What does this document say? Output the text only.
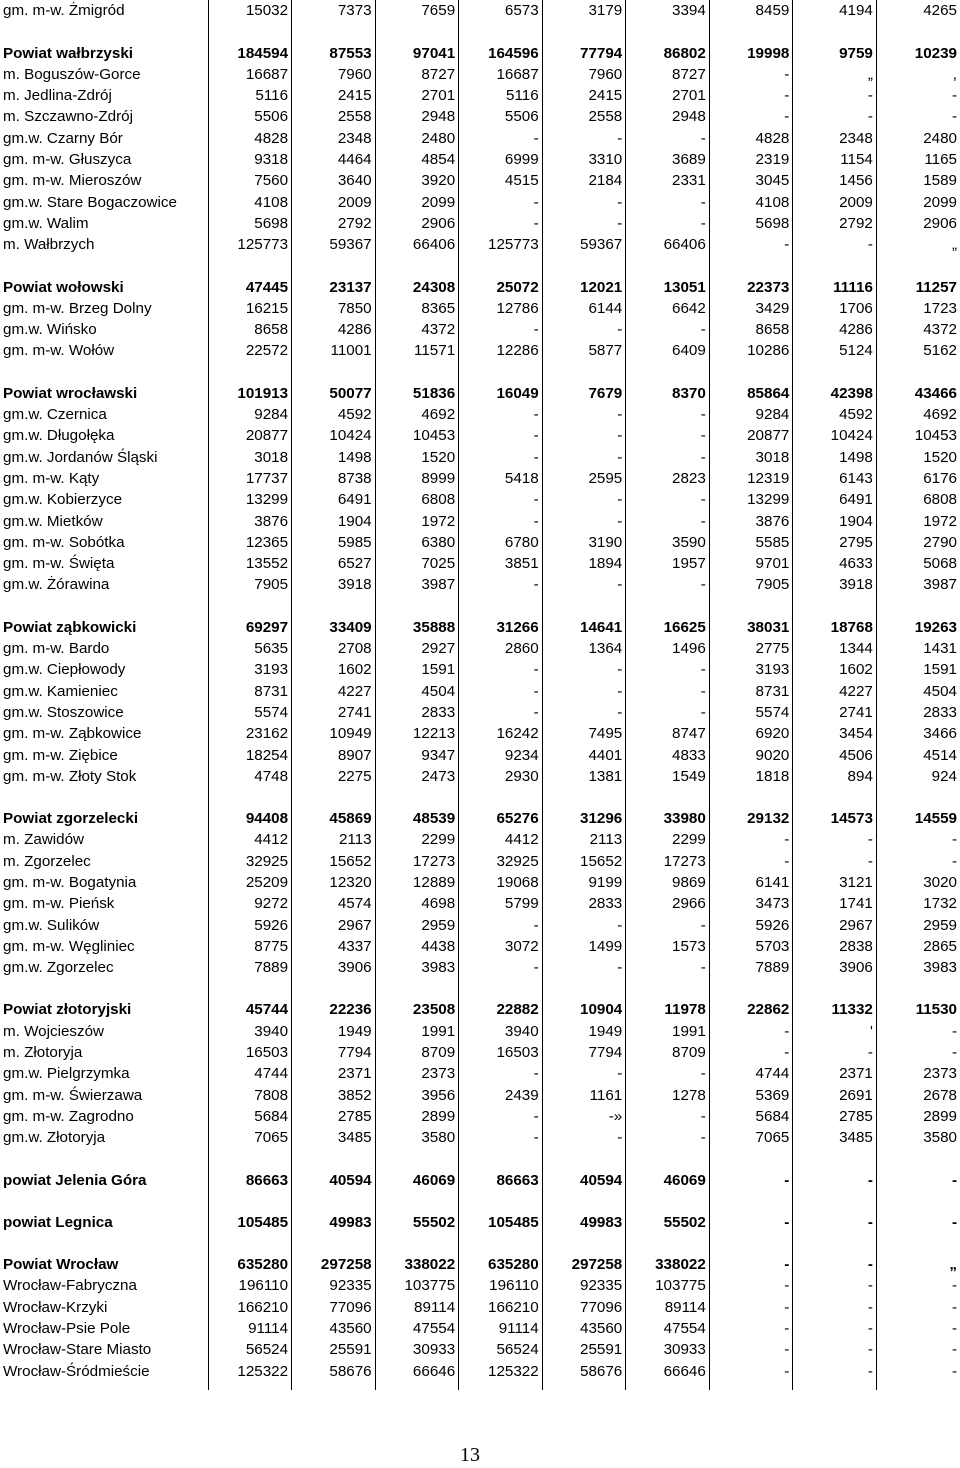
gm. m-w. Żmigród	15032	7373	7659	6573	3179	3394	8459	4194	4265

Powiat wałbrzyski	184594	87553	97041	164596	77794	86802	19998	9759	10239
m. Boguszów-Gorce	16687	7960	8727	16687	7960	8727	-	„	,
m. Jedlina-Zdrój	5116	2415	2701	5116	2415	2701	-	-	-
m. Szczawno-Zdrój	5506	2558	2948	5506	2558	2948	-	-	-
gm.w. Czarny Bór	4828	2348	2480	-	-	-	4828	2348	2480
gm. m-w. Głuszyca	9318	4464	4854	6999	3310	3689	2319	1154	1165
gm. m-w. Mieroszów	7560	3640	3920	4515	2184	2331	3045	1456	1589
gm.w. Stare Bogaczowice	4108	2009	2099	-	-	-	4108	2009	2099
gm.w. Walim	5698	2792	2906	-	-	-	5698	2792	2906
m. Wałbrzych	125773	59367	66406	125773	59367	66406	-	-	„

Powiat wołowski	47445	23137	24308	25072	12021	13051	22373	11116	11257
gm. m-w. Brzeg Dolny	16215	7850	8365	12786	6144	6642	3429	1706	1723
gm.w. Wińsko	8658	4286	4372	-	-	-	8658	4286	4372
gm. m-w. Wołów	22572	11001	11571	12286	5877	6409	10286	5124	5162

Powiat wrocławski	101913	50077	51836	16049	7679	8370	85864	42398	43466
gm.w. Czernica	9284	4592	4692	-	-	-	9284	4592	4692
gm.w. Długołęka	20877	10424	10453	-	-	-	20877	10424	10453
gm.w. Jordanów Śląski	3018	1498	1520	-	-	-	3018	1498	1520
gm. m-w. Kąty	17737	8738	8999	5418	2595	2823	12319	6143	6176
gm.w. Kobierzyce	13299	6491	6808	-	-	-	13299	6491	6808
gm.w. Mietków	3876	1904	1972	-	-	-	3876	1904	1972
gm. m-w. Sobótka	12365	5985	6380	6780	3190	3590	5585	2795	2790
gm. m-w. Święta	13552	6527	7025	3851	1894	1957	9701	4633	5068
gm.w. Żórawina	7905	3918	3987	-	-	-	7905	3918	3987

Powiat ząbkowicki	69297	33409	35888	31266	14641	16625	38031	18768	19263
gm. m-w. Bardo	5635	2708	2927	2860	1364	1496	2775	1344	1431
gm.w. Ciepłowody	3193	1602	1591	-	-	-	3193	1602	1591
gm.w. Kamieniec	8731	4227	4504	-	-	-	8731	4227	4504
gm.w. Stoszowice	5574	2741	2833	-	-	-	5574	2741	2833
gm. m-w. Ząbkowice	23162	10949	12213	16242	7495	8747	6920	3454	3466
gm. m-w. Ziębice	18254	8907	9347	9234	4401	4833	9020	4506	4514
gm. m-w. Złoty Stok	4748	2275	2473	2930	1381	1549	1818	894	924

Powiat zgorzelecki	94408	45869	48539	65276	31296	33980	29132	14573	14559
m. Zawidów	4412	2113	2299	4412	2113	2299	-	-	-
m. Zgorzelec	32925	15652	17273	32925	15652	17273	-	-	-
gm. m-w. Bogatynia	25209	12320	12889	19068	9199	9869	6141	3121	3020
gm. m-w. Pieńsk	9272	4574	4698	5799	2833	2966	3473	1741	1732
gm.w. Sulików	5926	2967	2959	-	-	-	5926	2967	2959
gm. m-w. Węgliniec	8775	4337	4438	3072	1499	1573	5703	2838	2865
gm.w. Zgorzelec	7889	3906	3983	-	-	-	7889	3906	3983

Powiat złotoryjski	45744	22236	23508	22882	10904	11978	22862	11332	11530
m. Wojcieszów	3940	1949	1991	3940	1949	1991	-	'	-
m. Złotoryja	16503	7794	8709	16503	7794	8709	-	-	-
gm.w. Pielgrzymka	4744	2371	2373	-	-	-	4744	2371	2373
gm. m-w. Świerzawa	7808	3852	3956	2439	1161	1278	5369	2691	2678
gm. m-w. Zagrodno	5684	2785	2899	-	-»	-	5684	2785	2899
gm.w. Złotoryja	7065	3485	3580	-	-	-	7065	3485	3580

powiat Jelenia Góra	86663	40594	46069	86663	40594	46069	-	-	-

powiat Legnica	105485	49983	55502	105485	49983	55502	-	-	-

Powiat Wrocław	635280	297258	338022	635280	297258	338022	-	-	„
Wrocław-Fabryczna	196110	92335	103775	196110	92335	103775	-	-	-
Wrocław-Krzyki	166210	77096	89114	166210	77096	89114	-	-	-
Wrocław-Psie Pole	91114	43560	47554	91114	43560	47554	-	-	-
Wrocław-Stare Miasto	56524	25591	30933	56524	25591	30933	-	-	-
Wrocław-Śródmieście	125322	58676	66646	125322	58676	66646	-	-	-

13
